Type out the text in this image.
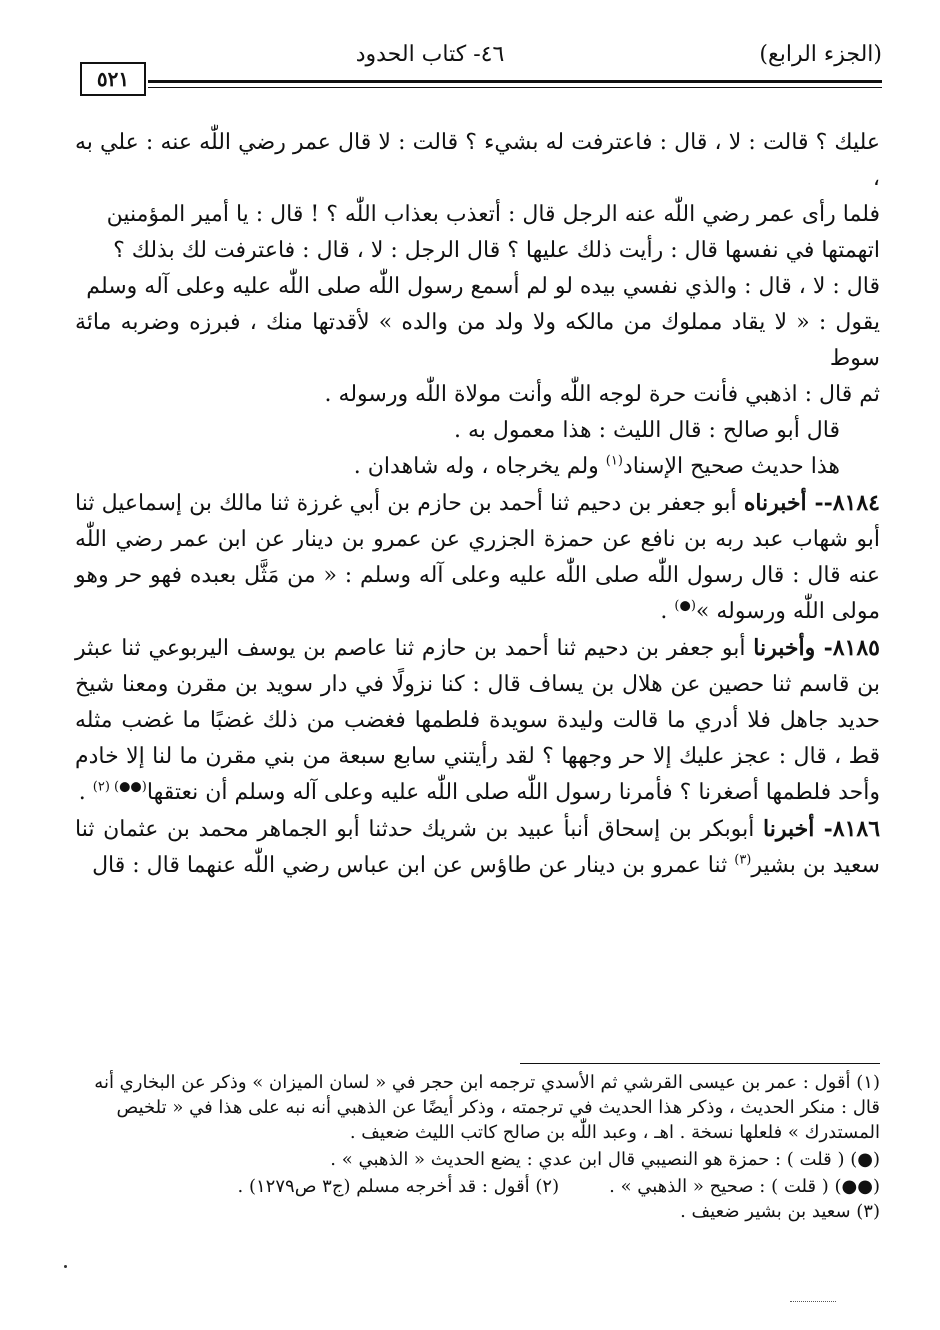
٥٢١
٤٦- كتاب الحدود	(الجزء الرابع)

عليك ؟ قالت : لا ، قال : فاعترفت له بشيء ؟ قالت : لا قال عمر رضي اللّٰه عنه : علي به ،

فلما رأى عمر رضي اللّٰه عنه الرجل قال : أتعذب بعذاب اللّٰه ؟ ! قال : يا أمير المؤمنين

اتهمتها في نفسها قال : رأيت ذلك عليها ؟ قال الرجل : لا ، قال : فاعترفت لك بذلك ؟

قال : لا ، قال : والذي نفسي بيده لو لم أسمع رسول اللّٰه صلى اللّٰه عليه وعلى آله وسلم

يقول : « لا يقاد مملوك من مالكه ولا ولد من والده » لأقدتها منك ، فبرزه وضربه مائة سوط

ثم قال : اذهبي فأنت حرة لوجه اللّٰه وأنت مولاة اللّٰه ورسوله .

قال أبو صالح : قال الليث : هذا معمول به .

هذا حديث صحيح الإسناد$^{(١)}$ ولم يخرجاه ، وله شاهدان .

٨١٨٤-- أخبرناه أبو جعفر بن دحيم ثنا أحمد بن حازم بن أبي غرزة ثنا مالك بن إسماعيل ثنا أبو شهاب عبد ربه بن نافع عن حمزة الجزري عن عمرو بن دينار عن ابن عمر رضي اللّٰه عنه قال : قال رسول اللّٰه صلى اللّٰه عليه وعلى آله وسلم : « من مَثَّل بعبده فهو حر وهو مولى اللّٰه ورسوله »(●) .

٨١٨٥- وأخبرنا أبو جعفر بن دحيم ثنا أحمد بن حازم ثنا عاصم بن يوسف اليربوعي ثنا عبثر بن قاسم ثنا حصين عن هلال بن يساف قال : كنا نزولًا في دار سويد بن مقرن ومعنا شيخ حديد جاهل فلا أدري ما قالت وليدة سويدة فلطمها فغضب من ذلك غضبًا ما غضب مثله قط ، قال : عجز عليك إلا حر وجهها ؟ لقد رأيتني سابع سبعة من بني مقرن ما لنا إلا خادم وأحد فلطمها أصغرنا ؟ فأمرنا رسول اللّٰه صلى اللّٰه عليه وعلى آله وسلم أن نعتقها$^{(●●) (٢)}$ .

٨١٨٦- أخبرنا أبوبكر بن إسحاق أنبأ عبيد بن شريك حدثنا أبو الجماهر محمد بن عثمان ثنا سعيد بن بشير$^{(٣)}$ ثنا عمرو بن دينار عن طاؤس عن ابن عباس رضي اللّٰه عنهما قال : قال

(١) أقول : عمر بن عيسى القرشي ثم الأسدي ترجمه ابن حجر في « لسان الميزان » وذكر عن البخاري أنه قال : منكر الحديث ، وذكر هذا الحديث في ترجمته ، وذكر أيضًا عن الذهبي أنه نبه على هذا في « تلخيص المستدرك » فلعلها نسخة . اهـ ، وعبد اللّٰه بن صالح كاتب الليث ضعيف .

(●) ( قلت ) : حمزة هو النصيبي قال ابن عدي : يضع الحديث « الذهبي » .

(●●) ( قلت ) : صحيح « الذهبي » .
(٢) أقول : قد أخرجه مسلم (ج٣ ص١٢٧٩) .

(٣) سعيد بن بشير ضعيف .
